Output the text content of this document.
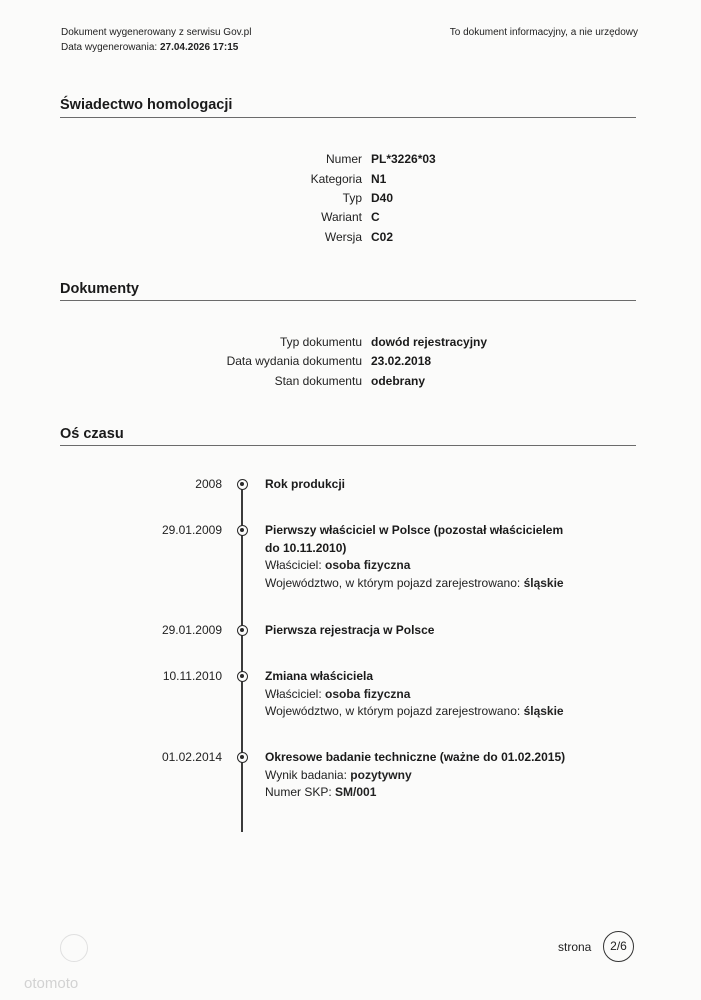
Dokument wygenerowany z serwisu Gov.pl
Data wygenerowania: 27.04.2026 17:15
To dokument informacyjny, a nie urzędowy
Świadectwo homologacji
Numer PL*3226*03
Kategoria N1
Typ D40
Wariant C
Wersja C02
Dokumenty
Typ dokumentu dowód rejestracyjny
Data wydania dokumentu 23.02.2018
Stan dokumentu odebrany
Oś czasu
2008	Rok produkcji
29.01.2009	Pierwszy właściciel w Polsce (pozostał właścicielem do 10.11.2010)
Właściciel: osoba fizyczna
Województwo, w którym pojazd zarejestrowano: śląskie
29.01.2009	Pierwsza rejestracja w Polsce
10.11.2010	Zmiana właściciela
Właściciel: osoba fizyczna
Województwo, w którym pojazd zarejestrowano: śląskie
01.02.2014	Okresowe badanie techniczne (ważne do 01.02.2015)
Wynik badania: pozytywny
Numer SKP: SM/001
strona	2/6
otomoto
